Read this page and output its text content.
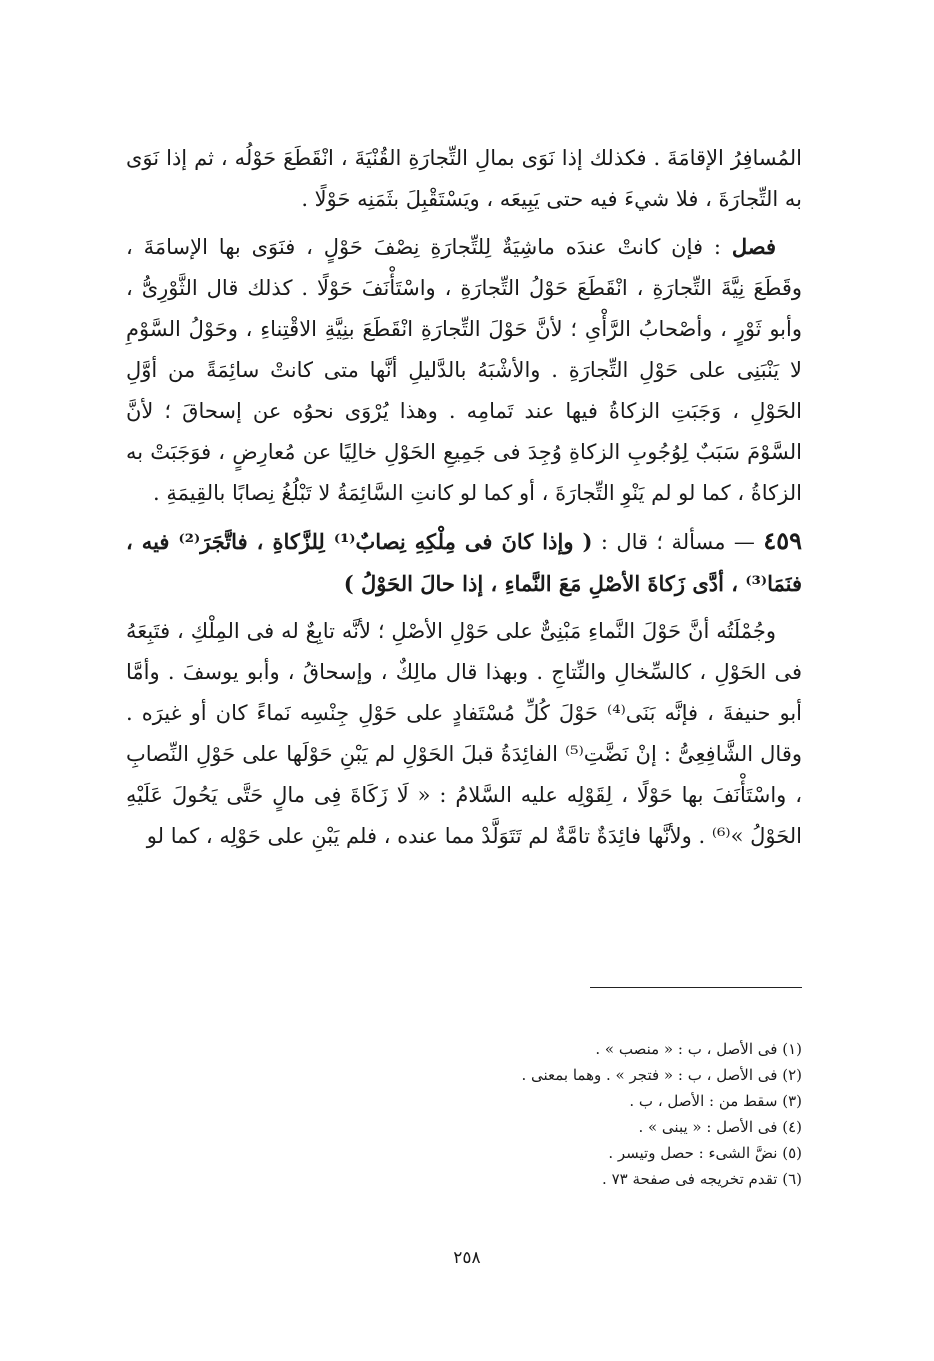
المُسافِرُ الإقامَةَ . فكذلك إذا نَوَى بمالِ التِّجارَةِ القُنْيَةَ ، انْقَطَعَ حَوْلُه ، ثم إذا نَوَى به التِّجارَةَ ، فلا شيءَ فيه حتى يَبِيعَه ، ويَسْتَقْبِلَ بثَمَنِه حَوْلًا .

فصل : فإن كانتْ عندَه ماشِيَةٌ لِلتِّجارَةِ نِصْفَ حَوْلٍ ، فنَوَى بها الإسامَةَ ، وقَطَعَ نِيَّةَ التِّجارَةِ ، انْقَطَعَ حَوْلُ التِّجارَةِ ، واسْتَأْنَفَ حَوْلًا . كذلك قال الثَّوْرِىُّ ، وأبو ثَوْرٍ ، وأصْحابُ الرَّأْىِ ؛ لأنَّ حَوْلَ التِّجارَةِ انْقَطَعَ بنِيَّةِ الاقْتِناءِ ، وحَوْلُ السَّوْمِ لا يَنْبَنِى على حَوْلِ التِّجارَةِ . والأشْبَهُ بالدَّليلِ أنَّها متى كانتْ سائِمَةً من أوَّلِ الحَوْلِ ، وَجَبَتِ الزكاةُ فيها عند تَمامِه . وهذا يُرْوَى نحوُه عن إسحاقَ ؛ لأنَّ السَّوْمَ سَبَبٌ لِوُجُوبِ الزكاةِ وُجِدَ فى جَمِيعِ الحَوْلِ خالِيًا عن مُعارِضٍ ، فوَجَبَتْ به الزكاةُ ، كما لو لم يَنْوِ التِّجارَةَ ، أو كما لو كانتِ السَّائِمَةُ لا تَبْلُغُ نِصابًا بالقِيمَةِ .

٤٥٩ — مسألة ؛ قال : ( وإذا كانَ فى مِلْكِهِ نِصابٌ⁽¹⁾ لِلزَّكاةِ ، فاتَّجَرَ⁽²⁾ فيه ، فنَمَا⁽³⁾ ، أدَّى زَكاةَ الأصْلِ مَعَ النَّماءِ ، إذا حالَ الحَوْلُ )

وجُمْلَتُه أنَّ حَوْلَ النَّماءِ مَبْنِىٌّ على حَوْلِ الأصْلِ ؛ لأنَّه تابِعٌ له فى المِلْكِ ، فتَبِعَهُ فى الحَوْلِ ، كالسِّخالِ والنِّتاجِ . وبهذا قال مالِكٌ ، وإسحاقُ ، وأبو يوسفَ . وأمَّا أبو حنيفةَ ، فإنَّه بَنَى⁽⁴⁾ حَوْلَ كُلِّ مُسْتَفادٍ على حَوْلِ جِنْسِه نَماءً كان أو غيرَه . وقال الشَّافِعِىُّ : إنْ نَضَّتِ⁽⁵⁾ الفائِدَةُ قبلَ الحَوْلِ لم يَبْنِ حَوْلَها على حَوْلِ النِّصابِ ، واسْتَأْنَفَ بها حَوْلًا ، لِقَوْلِه عليه السَّلامُ : « لَا زَكَاةَ فِى مالٍ حَتَّى يَحُولَ عَلَيْهِ الحَوْلُ »⁽⁶⁾ . ولأنَّها فائِدَةٌ تامَّةٌ لم تَتَوَلَّدْ مما عنده ، فلم يَبْنِ على حَوْلِه ، كما لو

(١) فى الأصل ، ب : « منصب » .
(٢) فى الأصل ، ب : « فتجر » . وهما بمعنى .
(٣) سقط من : الأصل ، ب .
(٤) فى الأصل : « يبنى » .
(٥) نضَّ الشىء : حصل وتيسر .
(٦) تقدم تخريجه فى صفحة ٧٣ .
٢٥٨
